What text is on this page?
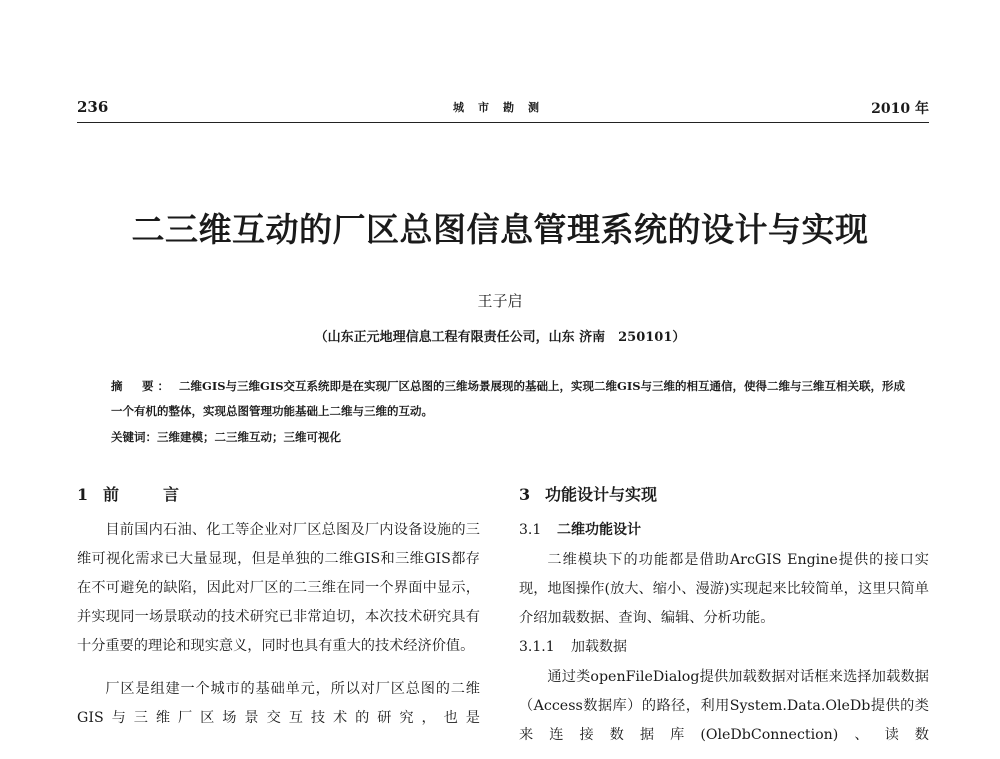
236	城市勘测	2010 年
二三维互动的厂区总图信息管理系统的设计与实现
王子启
（山东正元地理信息工程有限责任公司，山东 济南　250101）
摘　要： 二维GIS与三维GIS交互系统即是在实现厂区总图的三维场景展现的基础上，实现二维GIS与三维的相互通信，使得二维与三维互相关联，形成一个有机的整体，实现总图管理功能基础上二维与三维的互动。
关键词：三维建模；二三维互动；三维可视化
1 前　言

目前国内石油、化工等企业对厂区总图及厂内设备设施的三维可视化需求已大量显现，但是单独的二维GIS和三维GIS都存在不可避免的缺陷，因此对厂区的二三维在同一个界面中显示，并实现同一场景联动的技术研究已非常迫切，本次技术研究具有十分重要的理论和现实意义，同时也具有重大的技术经济价值。

厂区是组建一个城市的基础单元，所以对厂区总图的二维GIS与三维厂区场景交互技术的研究，也是

3 功能设计与实现
3.1 二维功能设计

二维模块下的功能都是借助ArcGIS Engine提供的接口实现，地图操作(放大、缩小、漫游)实现起来比较简单，这里只简单介绍加载数据、查询、编辑、分析功能。

3.1.1 加载数据

通过类openFileDialog提供加载数据对话框来选择加载数据（Access数据库）的路径，利用System.Data.OleDb提供的类来连接数据库(OleDbConnection)、读数
